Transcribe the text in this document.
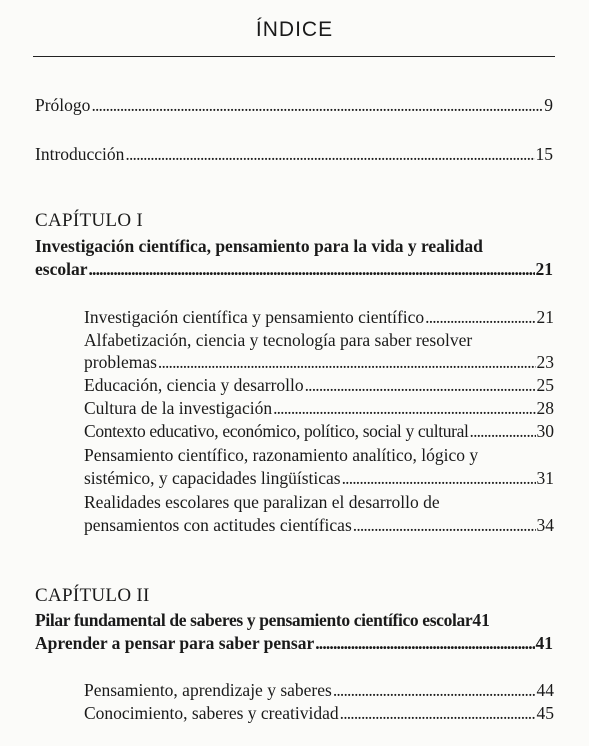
ÍNDICE
Prólogo . . .	9
Introducción . . .	15
CAPÍTULO I
Investigación científica, pensamiento para la vida y realidad
escolar . . .	21
Investigación científica y pensamiento científico . . .	21
Alfabetización, ciencia y tecnología para saber resolver
problemas . . .	23
Educación, ciencia y desarrollo . . .	25
Cultura de la investigación . . .	28
Contexto educativo, económico, político, social y cultural . . .	30
Pensamiento científico, razonamiento analítico, lógico y
sistémico, y capacidades lingüísticas . . .	31
Realidades escolares que paralizan el desarrollo de
pensamientos con actitudes científicas . . .	34
CAPÍTULO II
Pilar fundamental de saberes y pensamiento científico escolar 41
Aprender a pensar para saber pensar . . .	41
Pensamiento, aprendizaje y saberes . . .	44
Conocimiento, saberes y creatividad . . .	45
